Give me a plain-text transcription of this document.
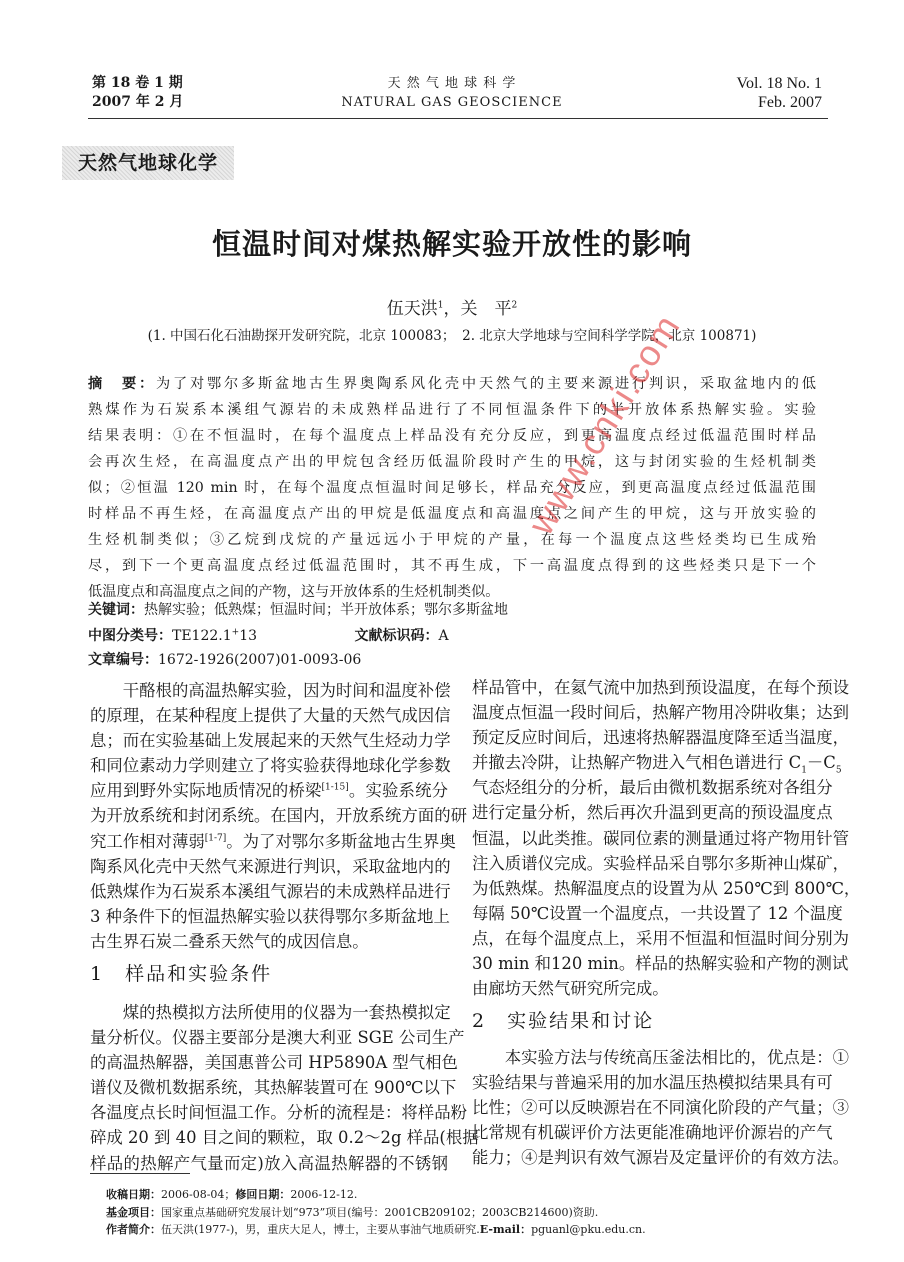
第 18 卷 1 期
2007 年 2 月
天 然 气 地 球 科 学
NATURAL GAS GEOSCIENCE
Vol. 18 No. 1
Feb. 2007
天然气地球化学
恒温时间对煤热解实验开放性的影响
伍天洪$^1$，关　平$^2$
(1. 中国石化石油勘探开发研究院，北京 100083；　2. 北京大学地球与空间科学学院，北京 100871)
摘　要：为了对鄂尔多斯盆地古生界奥陶系风化壳中天然气的主要来源进行判识，采取盆地内的低
熟煤作为石炭系本溪组气源岩的未成熟样品进行了不同恒温条件下的半开放体系热解实验。实验
结果表明：①在不恒温时，在每个温度点上样品没有充分反应，到更高温度点经过低温范围时样品
会再次生烃，在高温度点产出的甲烷包含经历低温阶段时产生的甲烷，这与封闭实验的生烃机制类
似；②恒温 120 min 时，在每个温度点恒温时间足够长，样品充分反应，到更高温度点经过低温范围
时样品不再生烃，在高温度点产出的甲烷是低温度点和高温度点之间产生的甲烷，这与开放实验的
生烃机制类似；③乙烷到戊烷的产量远远小于甲烷的产量，在每一个温度点这些烃类均已生成殆
尽，到下一个更高温度点经过低温范围时，其不再生成，下一高温度点得到的这些烃类只是下一个
低温度点和高温度点之间的产物，这与开放体系的生烃机制类似。
关键词：热解实验；低熟煤；恒温时间；半开放体系；鄂尔多斯盆地
中图分类号：TE122.1+13	文献标识码：A 文章编号：1672-1926(2007)01-0093-06
　　干酪根的高温热解实验，因为时间和温度补偿
的原理，在某种程度上提供了大量的天然气成因信
息；而在实验基础上发展起来的天然气生烃动力学
和同位素动力学则建立了将实验获得地球化学参数
应用到野外实际地质情况的桥梁[1-15]。实验系统分
为开放系统和封闭系统。在国内，开放系统方面的研
究工作相对薄弱[1-7]。为了对鄂尔多斯盆地古生界奥
陶系风化壳中天然气来源进行判识，采取盆地内的
低熟煤作为石炭系本溪组气源岩的未成熟样品进行
3 种条件下的恒温热解实验以获得鄂尔多斯盆地上
古生界石炭二叠系天然气的成因信息。
1　样品和实验条件
　　煤的热模拟方法所使用的仪器为一套热模拟定
量分析仪。仪器主要部分是澳大利亚 SGE 公司生产
的高温热解器，美国惠普公司 HP5890A 型气相色
谱仪及微机数据系统，其热解装置可在 900℃以下
各温度点长时间恒温工作。分析的流程是：将样品粉
碎成 20 到 40 目之间的颗粒，取 0.2～2g 样品(根据
样品的热解产气量而定)放入高温热解器的不锈钢
样品管中，在氦气流中加热到预设温度，在每个预设
温度点恒温一段时间后，热解产物用冷阱收集；达到
预定反应时间后，迅速将热解器温度降至适当温度，
并撤去冷阱，让热解产物进入气相色谱进行 $C_1-C_5$
气态烃组分的分析，最后由微机数据系统对各组分
进行定量分析，然后再次升温到更高的预设温度点
恒温，以此类推。碳同位素的测量通过将产物用针管
注入质谱仪完成。实验样品采自鄂尔多斯神山煤矿，
为低熟煤。热解温度点的设置为从 250℃到 800℃，
每隔 50℃设置一个温度点，一共设置了 12 个温度
点，在每个温度点上，采用不恒温和恒温时间分别为
30 min 和120 min。样品的热解实验和产物的测试
由廊坊天然气研究所完成。
2　实验结果和讨论
　　本实验方法与传统高压釜法相比的，优点是：①
实验结果与普遍采用的加水温压热模拟结果具有可
比性；②可以反映源岩在不同演化阶段的产气量；③
比常规有机碳评价方法更能准确地评价源岩的产气
能力；④是判识有效气源岩及定量评价的有效方法。
收稿日期：2006-08-04；修回日期：2006-12-12.
基金项目：国家重点基础研究发展计划“973”项目(编号：2001CB209102；2003CB214600)资助.
作者简介：伍天洪(1977-)，男，重庆大足人，博士，主要从事油气地质研究.E-mail：pguanl@pku.edu.cn.
www.cnki.com
